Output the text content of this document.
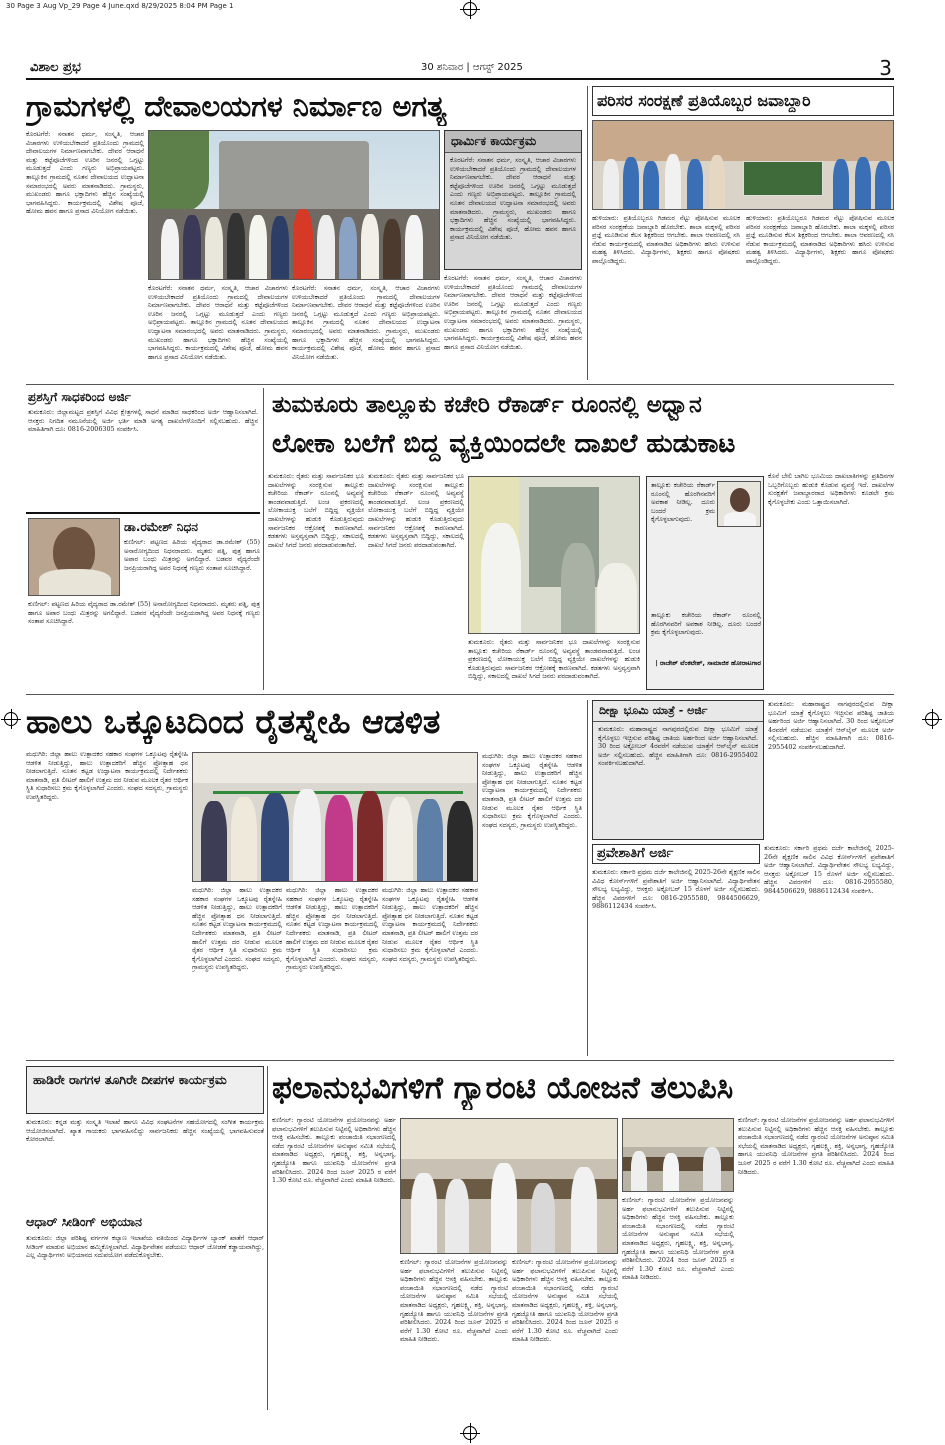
30 Page 3 Aug Vp_29 Page 4 June.qxd 8/29/2025 8:04 PM Page 1
ವಿಶಾಲ ಪ್ರಭ	30 ಶನಿವಾರ | ಆಗಸ್ಟ್ 2025	3
ಗ್ರಾಮಗಳಲ್ಲಿ ದೇವಾಲಯಗಳ ನಿರ್ಮಾಣ ಅಗತ್ಯ
ಕೊರಟಗೆರೆ: ಸನಾತನ ಧರ್ಮ, ಸಂಸ್ಕೃತಿ, ಆಚಾರ ವಿಚಾರಗಳು ಉಳಿಯಬೇಕಾದರೆ ಪ್ರತಿಯೊಂದು ಗ್ರಾಮದಲ್ಲಿ ದೇವಾಲಯಗಳ ನಿರ್ಮಾಣವಾಗಬೇಕು. ದೇವರ ಆರಾಧನೆ ಮತ್ತು ಕಟ್ಟೆಪೂಜೆಗಳಿಂದ ಊರಿನ ಜನರಲ್ಲಿ ಒಗ್ಗಟ್ಟು ಮೂಡುತ್ತದೆ ಎಂದು ಗಣ್ಯರು ಅಭಿಪ್ರಾಯಪಟ್ಟರು. ತಾಲ್ಲೂಕಿನ ಗ್ರಾಮದಲ್ಲಿ ನೂತನ ದೇವಾಲಯದ ಉದ್ಘಾಟನಾ ಸಮಾರಂಭದಲ್ಲಿ ಅವರು ಮಾತನಾಡಿದರು. ಗ್ರಾಮಸ್ಥರು, ಮುಖಂಡರು ಹಾಗೂ ಭಕ್ತಾದಿಗಳು ಹೆಚ್ಚಿನ ಸಂಖ್ಯೆಯಲ್ಲಿ ಭಾಗವಹಿಸಿದ್ದರು. ಕಾರ್ಯಕ್ರಮದಲ್ಲಿ ವಿಶೇಷ ಪೂಜೆ, ಹೋಮ ಹವನ ಹಾಗೂ ಪ್ರಸಾದ ವಿನಿಯೋಗ ನಡೆಯಿತು.
ಕೊರಟಗೆರೆ: ಸನಾತನ ಧರ್ಮ, ಸಂಸ್ಕೃತಿ, ಆಚಾರ ವಿಚಾರಗಳು ಉಳಿಯಬೇಕಾದರೆ ಪ್ರತಿಯೊಂದು ಗ್ರಾಮದಲ್ಲಿ ದೇವಾಲಯಗಳ ನಿರ್ಮಾಣವಾಗಬೇಕು. ದೇವರ ಆರಾಧನೆ ಮತ್ತು ಕಟ್ಟೆಪೂಜೆಗಳಿಂದ ಊರಿನ ಜನರಲ್ಲಿ ಒಗ್ಗಟ್ಟು ಮೂಡುತ್ತದೆ ಎಂದು ಗಣ್ಯರು ಅಭಿಪ್ರಾಯಪಟ್ಟರು. ತಾಲ್ಲೂಕಿನ ಗ್ರಾಮದಲ್ಲಿ ನೂತನ ದೇವಾಲಯದ ಉದ್ಘಾಟನಾ ಸಮಾರಂಭದಲ್ಲಿ ಅವರು ಮಾತನಾಡಿದರು. ಗ್ರಾಮಸ್ಥರು, ಮುಖಂಡರು ಹಾಗೂ ಭಕ್ತಾದಿಗಳು ಹೆಚ್ಚಿನ ಸಂಖ್ಯೆಯಲ್ಲಿ ಭಾಗವಹಿಸಿದ್ದರು. ಕಾರ್ಯಕ್ರಮದಲ್ಲಿ ವಿಶೇಷ ಪೂಜೆ, ಹೋಮ ಹವನ ಹಾಗೂ ಪ್ರಸಾದ ವಿನಿಯೋಗ ನಡೆಯಿತು.
ಕೊರಟಗೆರೆ: ಸನಾತನ ಧರ್ಮ, ಸಂಸ್ಕೃತಿ, ಆಚಾರ ವಿಚಾರಗಳು ಉಳಿಯಬೇಕಾದರೆ ಪ್ರತಿಯೊಂದು ಗ್ರಾಮದಲ್ಲಿ ದೇವಾಲಯಗಳ ನಿರ್ಮಾಣವಾಗಬೇಕು. ದೇವರ ಆರಾಧನೆ ಮತ್ತು ಕಟ್ಟೆಪೂಜೆಗಳಿಂದ ಊರಿನ ಜನರಲ್ಲಿ ಒಗ್ಗಟ್ಟು ಮೂಡುತ್ತದೆ ಎಂದು ಗಣ್ಯರು ಅಭಿಪ್ರಾಯಪಟ್ಟರು. ತಾಲ್ಲೂಕಿನ ಗ್ರಾಮದಲ್ಲಿ ನೂತನ ದೇವಾಲಯದ ಉದ್ಘಾಟನಾ ಸಮಾರಂಭದಲ್ಲಿ ಅವರು ಮಾತನಾಡಿದರು. ಗ್ರಾಮಸ್ಥರು, ಮುಖಂಡರು ಹಾಗೂ ಭಕ್ತಾದಿಗಳು ಹೆಚ್ಚಿನ ಸಂಖ್ಯೆಯಲ್ಲಿ ಭಾಗವಹಿಸಿದ್ದರು. ಕಾರ್ಯಕ್ರಮದಲ್ಲಿ ವಿಶೇಷ ಪೂಜೆ, ಹೋಮ ಹವನ ಹಾಗೂ ಪ್ರಸಾದ ವಿನಿಯೋಗ ನಡೆಯಿತು.
ಧಾರ್ಮಿಕ ಕಾರ್ಯಕ್ರಮ
ಕೊರಟಗೆರೆ: ಸನಾತನ ಧರ್ಮ, ಸಂಸ್ಕೃತಿ, ಆಚಾರ ವಿಚಾರಗಳು ಉಳಿಯಬೇಕಾದರೆ ಪ್ರತಿಯೊಂದು ಗ್ರಾಮದಲ್ಲಿ ದೇವಾಲಯಗಳ ನಿರ್ಮಾಣವಾಗಬೇಕು. ದೇವರ ಆರಾಧನೆ ಮತ್ತು ಕಟ್ಟೆಪೂಜೆಗಳಿಂದ ಊರಿನ ಜನರಲ್ಲಿ ಒಗ್ಗಟ್ಟು ಮೂಡುತ್ತದೆ ಎಂದು ಗಣ್ಯರು ಅಭಿಪ್ರಾಯಪಟ್ಟರು. ತಾಲ್ಲೂಕಿನ ಗ್ರಾಮದಲ್ಲಿ ನೂತನ ದೇವಾಲಯದ ಉದ್ಘಾಟನಾ ಸಮಾರಂಭದಲ್ಲಿ ಅವರು ಮಾತನಾಡಿದರು. ಗ್ರಾಮಸ್ಥರು, ಮುಖಂಡರು ಹಾಗೂ ಭಕ್ತಾದಿಗಳು ಹೆಚ್ಚಿನ ಸಂಖ್ಯೆಯಲ್ಲಿ ಭಾಗವಹಿಸಿದ್ದರು. ಕಾರ್ಯಕ್ರಮದಲ್ಲಿ ವಿಶೇಷ ಪೂಜೆ, ಹೋಮ ಹವನ ಹಾಗೂ ಪ್ರಸಾದ ವಿನಿಯೋಗ ನಡೆಯಿತು.
ಕೊರಟಗೆರೆ: ಸನಾತನ ಧರ್ಮ, ಸಂಸ್ಕೃತಿ, ಆಚಾರ ವಿಚಾರಗಳು ಉಳಿಯಬೇಕಾದರೆ ಪ್ರತಿಯೊಂದು ಗ್ರಾಮದಲ್ಲಿ ದೇವಾಲಯಗಳ ನಿರ್ಮಾಣವಾಗಬೇಕು. ದೇವರ ಆರಾಧನೆ ಮತ್ತು ಕಟ್ಟೆಪೂಜೆಗಳಿಂದ ಊರಿನ ಜನರಲ್ಲಿ ಒಗ್ಗಟ್ಟು ಮೂಡುತ್ತದೆ ಎಂದು ಗಣ್ಯರು ಅಭಿಪ್ರಾಯಪಟ್ಟರು. ತಾಲ್ಲೂಕಿನ ಗ್ರಾಮದಲ್ಲಿ ನೂತನ ದೇವಾಲಯದ ಉದ್ಘಾಟನಾ ಸಮಾರಂಭದಲ್ಲಿ ಅವರು ಮಾತನಾಡಿದರು. ಗ್ರಾಮಸ್ಥರು, ಮುಖಂಡರು ಹಾಗೂ ಭಕ್ತಾದಿಗಳು ಹೆಚ್ಚಿನ ಸಂಖ್ಯೆಯಲ್ಲಿ ಭಾಗವಹಿಸಿದ್ದರು. ಕಾರ್ಯಕ್ರಮದಲ್ಲಿ ವಿಶೇಷ ಪೂಜೆ, ಹೋಮ ಹವನ ಹಾಗೂ ಪ್ರಸಾದ ವಿನಿಯೋಗ ನಡೆಯಿತು.
ಪರಿಸರ ಸಂರಕ್ಷಣೆ ಪ್ರತಿಯೊಬ್ಬರ ಜವಾಬ್ದಾರಿ
ಹುಳಿಯಾರು: ಪ್ರತಿಯೊಬ್ಬರೂ ಗಿಡಮರ ನೆಟ್ಟು ಪೋಷಿಸುವ ಮೂಲಕ ಪರಿಸರ ಸಂರಕ್ಷಣೆಯ ಜವಾಬ್ದಾರಿ ಹೊರಬೇಕು. ಶಾಲಾ ಮಕ್ಕಳಲ್ಲಿ ಪರಿಸರ ಪ್ರಜ್ಞೆ ಮೂಡಿಸುವ ಕೆಲಸ ಶಿಕ್ಷಕರಿಂದ ಆಗಬೇಕು. ಶಾಲಾ ಆವರಣದಲ್ಲಿ ಸಸಿ ನೆಡುವ ಕಾರ್ಯಕ್ರಮದಲ್ಲಿ ಮಾತನಾಡಿದ ಅಧಿಕಾರಿಗಳು ಹಸಿರು ಉಳಿಸುವ ಮಹತ್ವ ತಿಳಿಸಿದರು. ವಿದ್ಯಾರ್ಥಿಗಳು, ಶಿಕ್ಷಕರು ಹಾಗೂ ಪೋಷಕರು ಪಾಲ್ಗೊಂಡಿದ್ದರು.
ಹುಳಿಯಾರು: ಪ್ರತಿಯೊಬ್ಬರೂ ಗಿಡಮರ ನೆಟ್ಟು ಪೋಷಿಸುವ ಮೂಲಕ ಪರಿಸರ ಸಂರಕ್ಷಣೆಯ ಜವಾಬ್ದಾರಿ ಹೊರಬೇಕು. ಶಾಲಾ ಮಕ್ಕಳಲ್ಲಿ ಪರಿಸರ ಪ್ರಜ್ಞೆ ಮೂಡಿಸುವ ಕೆಲಸ ಶಿಕ್ಷಕರಿಂದ ಆಗಬೇಕು. ಶಾಲಾ ಆವರಣದಲ್ಲಿ ಸಸಿ ನೆಡುವ ಕಾರ್ಯಕ್ರಮದಲ್ಲಿ ಮಾತನಾಡಿದ ಅಧಿಕಾರಿಗಳು ಹಸಿರು ಉಳಿಸುವ ಮಹತ್ವ ತಿಳಿಸಿದರು. ವಿದ್ಯಾರ್ಥಿಗಳು, ಶಿಕ್ಷಕರು ಹಾಗೂ ಪೋಷಕರು ಪಾಲ್ಗೊಂಡಿದ್ದರು.
ಪ್ರಶಸ್ತಿಗೆ ಸಾಧಕರಿಂದ ಅರ್ಜಿ
ತುಮಕೂರು: ಜಿಲ್ಲಾಮಟ್ಟದ ಪ್ರಶಸ್ತಿಗೆ ವಿವಿಧ ಕ್ಷೇತ್ರಗಳಲ್ಲಿ ಸಾಧನೆ ಮಾಡಿದ ಸಾಧಕರಿಂದ ಅರ್ಜಿ ಆಹ್ವಾನಿಸಲಾಗಿದೆ. ಆಸಕ್ತರು ನಿಗದಿತ ನಮೂನೆಯಲ್ಲಿ ಅರ್ಜಿ ಭರ್ತಿ ಮಾಡಿ ಅಗತ್ಯ ದಾಖಲೆಗಳೊಂದಿಗೆ ಸಲ್ಲಿಸಬಹುದು. ಹೆಚ್ಚಿನ ಮಾಹಿತಿಗಾಗಿ ದೂ: 0816-2006305 ಸಂಪರ್ಕಿಸಿ.
ಡಾ.ರಮೇಶ್ ನಿಧನ
ಕುಣಿಗಲ್: ಪಟ್ಟಣದ ಹಿರಿಯ ವೈದ್ಯರಾದ ಡಾ.ರಮೇಶ್ (55) ಅನಾರೋಗ್ಯದಿಂದ ನಿಧನರಾದರು. ಮೃತರು ಪತ್ನಿ, ಪುತ್ರ ಹಾಗೂ ಅಪಾರ ಬಂಧು ಮಿತ್ರರನ್ನು ಅಗಲಿದ್ದಾರೆ. ಬಡವರ ವೈದ್ಯರೆಂದೇ ಜನಪ್ರಿಯರಾಗಿದ್ದ ಅವರ ನಿಧನಕ್ಕೆ ಗಣ್ಯರು ಸಂತಾಪ ಸೂಚಿಸಿದ್ದಾರೆ.
ಕುಣಿಗಲ್: ಪಟ್ಟಣದ ಹಿರಿಯ ವೈದ್ಯರಾದ ಡಾ.ರಮೇಶ್ (55) ಅನಾರೋಗ್ಯದಿಂದ ನಿಧನರಾದರು. ಮೃತರು ಪತ್ನಿ, ಪುತ್ರ ಹಾಗೂ ಅಪಾರ ಬಂಧು ಮಿತ್ರರನ್ನು ಅಗಲಿದ್ದಾರೆ. ಬಡವರ ವೈದ್ಯರೆಂದೇ ಜನಪ್ರಿಯರಾಗಿದ್ದ ಅವರ ನಿಧನಕ್ಕೆ ಗಣ್ಯರು ಸಂತಾಪ ಸೂಚಿಸಿದ್ದಾರೆ.
ತುಮಕೂರು ತಾಲ್ಲೂಕು ಕಚೇರಿ ರೆಕಾರ್ಡ್ ರೂಂನಲ್ಲಿ ಅಧ್ವಾನ
ಲೋಕಾ ಬಲೆಗೆ ಬಿದ್ದ ವ್ಯಕ್ತಿಯಿಂದಲೇ ದಾಖಲೆ ಹುಡುಕಾಟ
ತುಮಕೂರು: ರೈತರು ಮತ್ತು ಸಾರ್ವಜನಿಕರ ಭೂ ದಾಖಲೆಗಳನ್ನು ಸಂರಕ್ಷಿಸುವ ತಾಲ್ಲೂಕು ಕಚೇರಿಯ ರೆಕಾರ್ಡ್ ರೂಂನಲ್ಲಿ ಅವ್ಯವಸ್ಥೆ ತಾಂಡವವಾಡುತ್ತಿದೆ. ಲಂಚ ಪ್ರಕರಣದಲ್ಲಿ ಲೋಕಾಯುಕ್ತ ಬಲೆಗೆ ಬಿದ್ದಿದ್ದ ವ್ಯಕ್ತಿಯೇ ದಾಖಲೆಗಳನ್ನು ಹುಡುಕಿ ಕೊಡುತ್ತಿರುವುದು ಸಾರ್ವಜನಿಕರ ಆಕ್ರೋಶಕ್ಕೆ ಕಾರಣವಾಗಿದೆ. ಕಡತಗಳು ಅಸ್ತವ್ಯಸ್ತವಾಗಿ ಬಿದ್ದಿದ್ದು, ಸಕಾಲದಲ್ಲಿ ದಾಖಲೆ ಸಿಗದೆ ಜನರು ಪರದಾಡುವಂತಾಗಿದೆ.
ತುಮಕೂರು: ರೈತರು ಮತ್ತು ಸಾರ್ವಜನಿಕರ ಭೂ ದಾಖಲೆಗಳನ್ನು ಸಂರಕ್ಷಿಸುವ ತಾಲ್ಲೂಕು ಕಚೇರಿಯ ರೆಕಾರ್ಡ್ ರೂಂನಲ್ಲಿ ಅವ್ಯವಸ್ಥೆ ತಾಂಡವವಾಡುತ್ತಿದೆ. ಲಂಚ ಪ್ರಕರಣದಲ್ಲಿ ಲೋಕಾಯುಕ್ತ ಬಲೆಗೆ ಬಿದ್ದಿದ್ದ ವ್ಯಕ್ತಿಯೇ ದಾಖಲೆಗಳನ್ನು ಹುಡುಕಿ ಕೊಡುತ್ತಿರುವುದು ಸಾರ್ವಜನಿಕರ ಆಕ್ರೋಶಕ್ಕೆ ಕಾರಣವಾಗಿದೆ. ಕಡತಗಳು ಅಸ್ತವ್ಯಸ್ತವಾಗಿ ಬಿದ್ದಿದ್ದು, ಸಕಾಲದಲ್ಲಿ ದಾಖಲೆ ಸಿಗದೆ ಜನರು ಪರದಾಡುವಂತಾಗಿದೆ.
ತುಮಕೂರು: ರೈತರು ಮತ್ತು ಸಾರ್ವಜನಿಕರ ಭೂ ದಾಖಲೆಗಳನ್ನು ಸಂರಕ್ಷಿಸುವ ತಾಲ್ಲೂಕು ಕಚೇರಿಯ ರೆಕಾರ್ಡ್ ರೂಂನಲ್ಲಿ ಅವ್ಯವಸ್ಥೆ ತಾಂಡವವಾಡುತ್ತಿದೆ. ಲಂಚ ಪ್ರಕರಣದಲ್ಲಿ ಲೋಕಾಯುಕ್ತ ಬಲೆಗೆ ಬಿದ್ದಿದ್ದ ವ್ಯಕ್ತಿಯೇ ದಾಖಲೆಗಳನ್ನು ಹುಡುಕಿ ಕೊಡುತ್ತಿರುವುದು ಸಾರ್ವಜನಿಕರ ಆಕ್ರೋಶಕ್ಕೆ ಕಾರಣವಾಗಿದೆ. ಕಡತಗಳು ಅಸ್ತವ್ಯಸ್ತವಾಗಿ ಬಿದ್ದಿದ್ದು, ಸಕಾಲದಲ್ಲಿ ದಾಖಲೆ ಸಿಗದೆ ಜನರು ಪರದಾಡುವಂತಾಗಿದೆ.
ತಾಲ್ಲೂಕು ಕಚೇರಿಯ ರೆಕಾರ್ಡ್ ರೂಂನಲ್ಲಿ ಹೊರಗಿನವರಿಗೆ ಅವಕಾಶ ನೀಡಿಲ್ಲ. ದೂರು ಬಂದರೆ ಕ್ರಮ ಕೈಗೊಳ್ಳಲಾಗುವುದು.
ತಾಲ್ಲೂಕು ಕಚೇರಿಯ ರೆಕಾರ್ಡ್ ರೂಂನಲ್ಲಿ ಹೊರಗಿನವರಿಗೆ ಅವಕಾಶ ನೀಡಿಲ್ಲ. ದೂರು ಬಂದರೆ ಕ್ರಮ ಕೈಗೊಳ್ಳಲಾಗುವುದು.
| ರಾಜೇಶ್ ವೆಂಕಟೇಶ್, ಸಾಮಾಜಿಕ ಹೋರಾಟಗಾರ
ಕೊನೆ ಬೇಲಿ ಬಾಗಿಲ ಭೂಮಿಯ ದಾಖಲಾತಿಗಳನ್ನು ಪ್ರತಿದಿನಗಳ ಒಬ್ಬರಿಗೊಬ್ಬರು ಹುಡುಕಿ ಕೊಡುವ ವ್ಯವಸ್ಥೆ ಇದೆ. ದಾಖಲೆಗಳ ಸುರಕ್ಷತೆಗೆ ಜವಾಬ್ದಾರರಾದ ಅಧಿಕಾರಿಗಳು ಕೂಡಲೇ ಕ್ರಮ ಕೈಗೊಳ್ಳಬೇಕು ಎಂದು ಒತ್ತಾಯಿಸಲಾಗಿದೆ.
ಹಾಲು ಒಕ್ಕೂಟದಿಂದ ರೈತಸ್ನೇಹಿ ಆಡಳಿತ
ಮಧುಗಿರಿ: ಜಿಲ್ಲಾ ಹಾಲು ಉತ್ಪಾದಕರ ಸಹಕಾರ ಸಂಘಗಳ ಒಕ್ಕೂಟವು ರೈತಸ್ನೇಹಿ ಆಡಳಿತ ನೀಡುತ್ತಿದ್ದು, ಹಾಲು ಉತ್ಪಾದಕರಿಗೆ ಹೆಚ್ಚಿನ ಪ್ರೋತ್ಸಾಹ ಧನ ನೀಡಲಾಗುತ್ತಿದೆ. ನೂತನ ಕಟ್ಟಡ ಉದ್ಘಾಟನಾ ಕಾರ್ಯಕ್ರಮದಲ್ಲಿ ನಿರ್ದೇಶಕರು ಮಾತನಾಡಿ, ಪ್ರತಿ ಲೀಟರ್ ಹಾಲಿಗೆ ಉತ್ತಮ ದರ ನೀಡುವ ಮೂಲಕ ರೈತರ ಆರ್ಥಿಕ ಸ್ಥಿತಿ ಸುಧಾರಿಸಲು ಕ್ರಮ ಕೈಗೊಳ್ಳಲಾಗಿದೆ ಎಂದರು. ಸಂಘದ ಸದಸ್ಯರು, ಗ್ರಾಮಸ್ಥರು ಉಪಸ್ಥಿತರಿದ್ದರು.
ಮಧುಗಿರಿ: ಜಿಲ್ಲಾ ಹಾಲು ಉತ್ಪಾದಕರ ಸಹಕಾರ ಸಂಘಗಳ ಒಕ್ಕೂಟವು ರೈತಸ್ನೇಹಿ ಆಡಳಿತ ನೀಡುತ್ತಿದ್ದು, ಹಾಲು ಉತ್ಪಾದಕರಿಗೆ ಹೆಚ್ಚಿನ ಪ್ರೋತ್ಸಾಹ ಧನ ನೀಡಲಾಗುತ್ತಿದೆ. ನೂತನ ಕಟ್ಟಡ ಉದ್ಘಾಟನಾ ಕಾರ್ಯಕ್ರಮದಲ್ಲಿ ನಿರ್ದೇಶಕರು ಮಾತನಾಡಿ, ಪ್ರತಿ ಲೀಟರ್ ಹಾಲಿಗೆ ಉತ್ತಮ ದರ ನೀಡುವ ಮೂಲಕ ರೈತರ ಆರ್ಥಿಕ ಸ್ಥಿತಿ ಸುಧಾರಿಸಲು ಕ್ರಮ ಕೈಗೊಳ್ಳಲಾಗಿದೆ ಎಂದರು. ಸಂಘದ ಸದಸ್ಯರು, ಗ್ರಾಮಸ್ಥರು ಉಪಸ್ಥಿತರಿದ್ದರು.
ಮಧುಗಿರಿ: ಜಿಲ್ಲಾ ಹಾಲು ಉತ್ಪಾದಕರ ಸಹಕಾರ ಸಂಘಗಳ ಒಕ್ಕೂಟವು ರೈತಸ್ನೇಹಿ ಆಡಳಿತ ನೀಡುತ್ತಿದ್ದು, ಹಾಲು ಉತ್ಪಾದಕರಿಗೆ ಹೆಚ್ಚಿನ ಪ್ರೋತ್ಸಾಹ ಧನ ನೀಡಲಾಗುತ್ತಿದೆ. ನೂತನ ಕಟ್ಟಡ ಉದ್ಘಾಟನಾ ಕಾರ್ಯಕ್ರಮದಲ್ಲಿ ನಿರ್ದೇಶಕರು ಮಾತನಾಡಿ, ಪ್ರತಿ ಲೀಟರ್ ಹಾಲಿಗೆ ಉತ್ತಮ ದರ ನೀಡುವ ಮೂಲಕ ರೈತರ ಆರ್ಥಿಕ ಸ್ಥಿತಿ ಸುಧಾರಿಸಲು ಕ್ರಮ ಕೈಗೊಳ್ಳಲಾಗಿದೆ ಎಂದರು. ಸಂಘದ ಸದಸ್ಯರು, ಗ್ರಾಮಸ್ಥರು ಉಪಸ್ಥಿತರಿದ್ದರು.
ಮಧುಗಿರಿ: ಜಿಲ್ಲಾ ಹಾಲು ಉತ್ಪಾದಕರ ಸಹಕಾರ ಸಂಘಗಳ ಒಕ್ಕೂಟವು ರೈತಸ್ನೇಹಿ ಆಡಳಿತ ನೀಡುತ್ತಿದ್ದು, ಹಾಲು ಉತ್ಪಾದಕರಿಗೆ ಹೆಚ್ಚಿನ ಪ್ರೋತ್ಸಾಹ ಧನ ನೀಡಲಾಗುತ್ತಿದೆ. ನೂತನ ಕಟ್ಟಡ ಉದ್ಘಾಟನಾ ಕಾರ್ಯಕ್ರಮದಲ್ಲಿ ನಿರ್ದೇಶಕರು ಮಾತನಾಡಿ, ಪ್ರತಿ ಲೀಟರ್ ಹಾಲಿಗೆ ಉತ್ತಮ ದರ ನೀಡುವ ಮೂಲಕ ರೈತರ ಆರ್ಥಿಕ ಸ್ಥಿತಿ ಸುಧಾರಿಸಲು ಕ್ರಮ ಕೈಗೊಳ್ಳಲಾಗಿದೆ ಎಂದರು. ಸಂಘದ ಸದಸ್ಯರು, ಗ್ರಾಮಸ್ಥರು ಉಪಸ್ಥಿತರಿದ್ದರು.
ಮಧುಗಿರಿ: ಜಿಲ್ಲಾ ಹಾಲು ಉತ್ಪಾದಕರ ಸಹಕಾರ ಸಂಘಗಳ ಒಕ್ಕೂಟವು ರೈತಸ್ನೇಹಿ ಆಡಳಿತ ನೀಡುತ್ತಿದ್ದು, ಹಾಲು ಉತ್ಪಾದಕರಿಗೆ ಹೆಚ್ಚಿನ ಪ್ರೋತ್ಸಾಹ ಧನ ನೀಡಲಾಗುತ್ತಿದೆ. ನೂತನ ಕಟ್ಟಡ ಉದ್ಘಾಟನಾ ಕಾರ್ಯಕ್ರಮದಲ್ಲಿ ನಿರ್ದೇಶಕರು ಮಾತನಾಡಿ, ಪ್ರತಿ ಲೀಟರ್ ಹಾಲಿಗೆ ಉತ್ತಮ ದರ ನೀಡುವ ಮೂಲಕ ರೈತರ ಆರ್ಥಿಕ ಸ್ಥಿತಿ ಸುಧಾರಿಸಲು ಕ್ರಮ ಕೈಗೊಳ್ಳಲಾಗಿದೆ ಎಂದರು. ಸಂಘದ ಸದಸ್ಯರು, ಗ್ರಾಮಸ್ಥರು ಉಪಸ್ಥಿತರಿದ್ದರು.
ದೀಕ್ಷಾ ಭೂಮಿ ಯಾತ್ರೆ - ಅರ್ಜಿ
ತುಮಕೂರು: ಮಹಾರಾಷ್ಟ್ರದ ನಾಗಪುರದಲ್ಲಿರುವ ದೀಕ್ಷಾ ಭೂಮಿಗೆ ಯಾತ್ರೆ ಕೈಗೊಳ್ಳಲು ಇಚ್ಛಿಸುವ ಪರಿಶಿಷ್ಟ ಜಾತಿಯ ಅರ್ಹರಿಂದ ಅರ್ಜಿ ಆಹ್ವಾನಿಸಲಾಗಿದೆ. 30 ರಿಂದ ಅಕ್ಟೋಬರ್ 4ರವರೆಗೆ ನಡೆಯುವ ಯಾತ್ರೆಗೆ ಆನ್‌ಲೈನ್ ಮೂಲಕ ಅರ್ಜಿ ಸಲ್ಲಿಸಬಹುದು. ಹೆಚ್ಚಿನ ಮಾಹಿತಿಗಾಗಿ ದೂ: 0816-2955402 ಸಂಪರ್ಕಿಸಬಹುದಾಗಿದೆ.
ತುಮಕೂರು: ಮಹಾರಾಷ್ಟ್ರದ ನಾಗಪುರದಲ್ಲಿರುವ ದೀಕ್ಷಾ ಭೂಮಿಗೆ ಯಾತ್ರೆ ಕೈಗೊಳ್ಳಲು ಇಚ್ಛಿಸುವ ಪರಿಶಿಷ್ಟ ಜಾತಿಯ ಅರ್ಹರಿಂದ ಅರ್ಜಿ ಆಹ್ವಾನಿಸಲಾಗಿದೆ. 30 ರಿಂದ ಅಕ್ಟೋಬರ್ 4ರವರೆಗೆ ನಡೆಯುವ ಯಾತ್ರೆಗೆ ಆನ್‌ಲೈನ್ ಮೂಲಕ ಅರ್ಜಿ ಸಲ್ಲಿಸಬಹುದು. ಹೆಚ್ಚಿನ ಮಾಹಿತಿಗಾಗಿ ದೂ: 0816-2955402 ಸಂಪರ್ಕಿಸಬಹುದಾಗಿದೆ.
ಪ್ರವೇಶಾತಿಗೆ ಅರ್ಜಿ
ತುಮಕೂರು: ಸರ್ಕಾರಿ ಪ್ರಥಮ ದರ್ಜೆ ಕಾಲೇಜಿನಲ್ಲಿ 2025-26ನೇ ಶೈಕ್ಷಣಿಕ ಸಾಲಿನ ವಿವಿಧ ಕೋರ್ಸ್‌ಗಳಿಗೆ ಪ್ರವೇಶಾತಿಗೆ ಅರ್ಜಿ ಆಹ್ವಾನಿಸಲಾಗಿದೆ. ವಿದ್ಯಾರ್ಥಿವೇತನ ಸೌಲಭ್ಯ ಲಭ್ಯವಿದ್ದು, ಆಸಕ್ತರು ಅಕ್ಟೋಬರ್ 15 ರೊಳಗೆ ಅರ್ಜಿ ಸಲ್ಲಿಸಬಹುದು. ಹೆಚ್ಚಿನ ವಿವರಗಳಿಗೆ ದೂ: 0816-2955580, 9844506629, 9886112434 ಸಂಪರ್ಕಿಸಿ.
ತುಮಕೂರು: ಸರ್ಕಾರಿ ಪ್ರಥಮ ದರ್ಜೆ ಕಾಲೇಜಿನಲ್ಲಿ 2025-26ನೇ ಶೈಕ್ಷಣಿಕ ಸಾಲಿನ ವಿವಿಧ ಕೋರ್ಸ್‌ಗಳಿಗೆ ಪ್ರವೇಶಾತಿಗೆ ಅರ್ಜಿ ಆಹ್ವಾನಿಸಲಾಗಿದೆ. ವಿದ್ಯಾರ್ಥಿವೇತನ ಸೌಲಭ್ಯ ಲಭ್ಯವಿದ್ದು, ಆಸಕ್ತರು ಅಕ್ಟೋಬರ್ 15 ರೊಳಗೆ ಅರ್ಜಿ ಸಲ್ಲಿಸಬಹುದು. ಹೆಚ್ಚಿನ ವಿವರಗಳಿಗೆ ದೂ: 0816-2955580, 9844506629, 9886112434 ಸಂಪರ್ಕಿಸಿ.
ಹಾಡಿರೇ ರಾಗಗಳ ತೂಗಿರೇ ದೀಪಗಳ ಕಾರ್ಯಕ್ರಮ
ತುಮಕೂರು: ಕನ್ನಡ ಮತ್ತು ಸಂಸ್ಕೃತಿ ಇಲಾಖೆ ಹಾಗೂ ವಿವಿಧ ಸಂಘಟನೆಗಳ ಸಹಯೋಗದಲ್ಲಿ ಸಂಗೀತ ಕಾರ್ಯಕ್ರಮ ಆಯೋಜಿಸಲಾಗಿದೆ. ಖ್ಯಾತ ಗಾಯಕರು ಭಾಗವಹಿಸಲಿದ್ದು ಸಾರ್ವಜನಿಕರು ಹೆಚ್ಚಿನ ಸಂಖ್ಯೆಯಲ್ಲಿ ಭಾಗವಹಿಸುವಂತೆ ಕೋರಲಾಗಿದೆ.
ಆಧಾರ್ ಸೀಡಿಂಗ್ ಅಭಿಯಾನ
ತುಮಕೂರು: ಜಿಲ್ಲಾ ಪರಿಶಿಷ್ಟ ವರ್ಗಗಳ ಕಲ್ಯಾಣ ಇಲಾಖೆಯ ವತಿಯಿಂದ ವಿದ್ಯಾರ್ಥಿಗಳ ಬ್ಯಾಂಕ್ ಖಾತೆಗೆ ಆಧಾರ್ ಸೀಡಿಂಗ್ ಮಾಡುವ ಅಭಿಯಾನ ಹಮ್ಮಿಕೊಳ್ಳಲಾಗಿದೆ. ವಿದ್ಯಾರ್ಥಿವೇತನ ಪಡೆಯಲು ಆಧಾರ್ ಜೋಡಣೆ ಕಡ್ಡಾಯವಾಗಿದ್ದು, ಎಲ್ಲ ವಿದ್ಯಾರ್ಥಿಗಳು ಅಭಿಯಾನದ ಸದುಪಯೋಗ ಪಡೆದುಕೊಳ್ಳಬೇಕು.
ಫಲಾನುಭವಿಗಳಿಗೆ ಗ್ಯಾರಂಟಿ ಯೋಜನೆ ತಲುಪಿಸಿ
ಕುಣಿಗಲ್: ಗ್ಯಾರಂಟಿ ಯೋಜನೆಗಳ ಪ್ರಯೋಜನವನ್ನು ಅರ್ಹ ಫಲಾನುಭವಿಗಳಿಗೆ ತಲುಪಿಸುವ ನಿಟ್ಟಿನಲ್ಲಿ ಅಧಿಕಾರಿಗಳು ಹೆಚ್ಚಿನ ಆಸಕ್ತಿ ವಹಿಸಬೇಕು. ತಾಲ್ಲೂಕು ಪಂಚಾಯಿತಿ ಸಭಾಂಗಣದಲ್ಲಿ ನಡೆದ ಗ್ಯಾರಂಟಿ ಯೋಜನೆಗಳ ಅನುಷ್ಠಾನ ಸಮಿತಿ ಸಭೆಯಲ್ಲಿ ಮಾತನಾಡಿದ ಅಧ್ಯಕ್ಷರು, ಗೃಹಲಕ್ಷ್ಮಿ, ಶಕ್ತಿ, ಅನ್ನಭಾಗ್ಯ, ಗೃಹಜ್ಯೋತಿ ಹಾಗೂ ಯುವನಿಧಿ ಯೋಜನೆಗಳ ಪ್ರಗತಿ ಪರಿಶೀಲಿಸಿದರು. 2024 ರಿಂದ ಜೂನ್ 2025 ರ ವರೆಗೆ 1.30 ಕೋಟಿ ರೂ. ವೆಚ್ಚವಾಗಿದೆ ಎಂದು ಮಾಹಿತಿ ನೀಡಿದರು.
ಕುಣಿಗಲ್: ಗ್ಯಾರಂಟಿ ಯೋಜನೆಗಳ ಪ್ರಯೋಜನವನ್ನು ಅರ್ಹ ಫಲಾನುಭವಿಗಳಿಗೆ ತಲುಪಿಸುವ ನಿಟ್ಟಿನಲ್ಲಿ ಅಧಿಕಾರಿಗಳು ಹೆಚ್ಚಿನ ಆಸಕ್ತಿ ವಹಿಸಬೇಕು. ತಾಲ್ಲೂಕು ಪಂಚಾಯಿತಿ ಸಭಾಂಗಣದಲ್ಲಿ ನಡೆದ ಗ್ಯಾರಂಟಿ ಯೋಜನೆಗಳ ಅನುಷ್ಠಾನ ಸಮಿತಿ ಸಭೆಯಲ್ಲಿ ಮಾತನಾಡಿದ ಅಧ್ಯಕ್ಷರು, ಗೃಹಲಕ್ಷ್ಮಿ, ಶಕ್ತಿ, ಅನ್ನಭಾಗ್ಯ, ಗೃಹಜ್ಯೋತಿ ಹಾಗೂ ಯುವನಿಧಿ ಯೋಜನೆಗಳ ಪ್ರಗತಿ ಪರಿಶೀಲಿಸಿದರು. 2024 ರಿಂದ ಜೂನ್ 2025 ರ ವರೆಗೆ 1.30 ಕೋಟಿ ರೂ. ವೆಚ್ಚವಾಗಿದೆ ಎಂದು ಮಾಹಿತಿ ನೀಡಿದರು.
ಕುಣಿಗಲ್: ಗ್ಯಾರಂಟಿ ಯೋಜನೆಗಳ ಪ್ರಯೋಜನವನ್ನು ಅರ್ಹ ಫಲಾನುಭವಿಗಳಿಗೆ ತಲುಪಿಸುವ ನಿಟ್ಟಿನಲ್ಲಿ ಅಧಿಕಾರಿಗಳು ಹೆಚ್ಚಿನ ಆಸಕ್ತಿ ವಹಿಸಬೇಕು. ತಾಲ್ಲೂಕು ಪಂಚಾಯಿತಿ ಸಭಾಂಗಣದಲ್ಲಿ ನಡೆದ ಗ್ಯಾರಂಟಿ ಯೋಜನೆಗಳ ಅನುಷ್ಠಾನ ಸಮಿತಿ ಸಭೆಯಲ್ಲಿ ಮಾತನಾಡಿದ ಅಧ್ಯಕ್ಷರು, ಗೃಹಲಕ್ಷ್ಮಿ, ಶಕ್ತಿ, ಅನ್ನಭಾಗ್ಯ, ಗೃಹಜ್ಯೋತಿ ಹಾಗೂ ಯುವನಿಧಿ ಯೋಜನೆಗಳ ಪ್ರಗತಿ ಪರಿಶೀಲಿಸಿದರು. 2024 ರಿಂದ ಜೂನ್ 2025 ರ ವರೆಗೆ 1.30 ಕೋಟಿ ರೂ. ವೆಚ್ಚವಾಗಿದೆ ಎಂದು ಮಾಹಿತಿ ನೀಡಿದರು.
ಕುಣಿಗಲ್: ಗ್ಯಾರಂಟಿ ಯೋಜನೆಗಳ ಪ್ರಯೋಜನವನ್ನು ಅರ್ಹ ಫಲಾನುಭವಿಗಳಿಗೆ ತಲುಪಿಸುವ ನಿಟ್ಟಿನಲ್ಲಿ ಅಧಿಕಾರಿಗಳು ಹೆಚ್ಚಿನ ಆಸಕ್ತಿ ವಹಿಸಬೇಕು. ತಾಲ್ಲೂಕು ಪಂಚಾಯಿತಿ ಸಭಾಂಗಣದಲ್ಲಿ ನಡೆದ ಗ್ಯಾರಂಟಿ ಯೋಜನೆಗಳ ಅನುಷ್ಠಾನ ಸಮಿತಿ ಸಭೆಯಲ್ಲಿ ಮಾತನಾಡಿದ ಅಧ್ಯಕ್ಷರು, ಗೃಹಲಕ್ಷ್ಮಿ, ಶಕ್ತಿ, ಅನ್ನಭಾಗ್ಯ, ಗೃಹಜ್ಯೋತಿ ಹಾಗೂ ಯುವನಿಧಿ ಯೋಜನೆಗಳ ಪ್ರಗತಿ ಪರಿಶೀಲಿಸಿದರು. 2024 ರಿಂದ ಜೂನ್ 2025 ರ ವರೆಗೆ 1.30 ಕೋಟಿ ರೂ. ವೆಚ್ಚವಾಗಿದೆ ಎಂದು ಮಾಹಿತಿ ನೀಡಿದರು.
ಕುಣಿಗಲ್: ಗ್ಯಾರಂಟಿ ಯೋಜನೆಗಳ ಪ್ರಯೋಜನವನ್ನು ಅರ್ಹ ಫಲಾನುಭವಿಗಳಿಗೆ ತಲುಪಿಸುವ ನಿಟ್ಟಿನಲ್ಲಿ ಅಧಿಕಾರಿಗಳು ಹೆಚ್ಚಿನ ಆಸಕ್ತಿ ವಹಿಸಬೇಕು. ತಾಲ್ಲೂಕು ಪಂಚಾಯಿತಿ ಸಭಾಂಗಣದಲ್ಲಿ ನಡೆದ ಗ್ಯಾರಂಟಿ ಯೋಜನೆಗಳ ಅನುಷ್ಠಾನ ಸಮಿತಿ ಸಭೆಯಲ್ಲಿ ಮಾತನಾಡಿದ ಅಧ್ಯಕ್ಷರು, ಗೃಹಲಕ್ಷ್ಮಿ, ಶಕ್ತಿ, ಅನ್ನಭಾಗ್ಯ, ಗೃಹಜ್ಯೋತಿ ಹಾಗೂ ಯುವನಿಧಿ ಯೋಜನೆಗಳ ಪ್ರಗತಿ ಪರಿಶೀಲಿಸಿದರು. 2024 ರಿಂದ ಜೂನ್ 2025 ರ ವರೆಗೆ 1.30 ಕೋಟಿ ರೂ. ವೆಚ್ಚವಾಗಿದೆ ಎಂದು ಮಾಹಿತಿ ನೀಡಿದರು.
